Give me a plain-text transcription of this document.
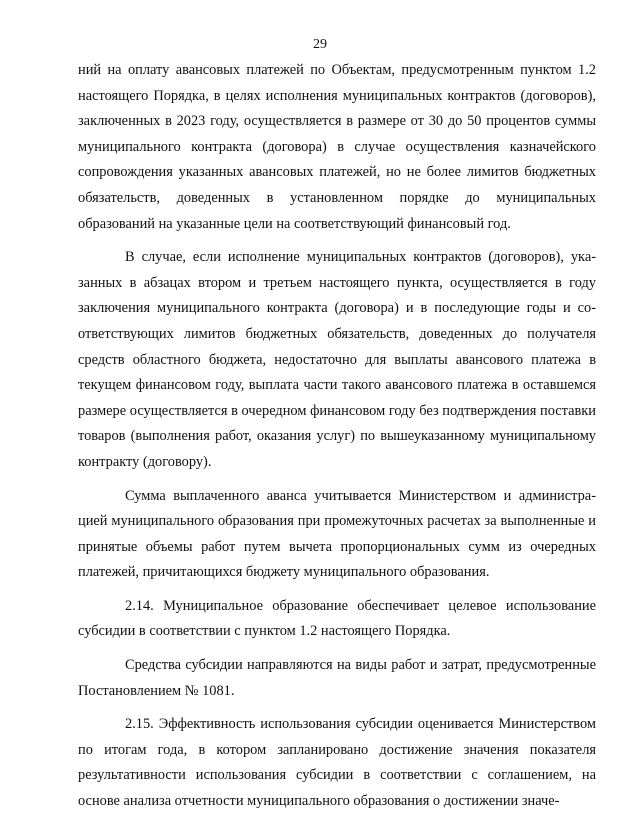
29

ний на оплату авансовых платежей по Объектам, предусмотренным пунктом 1.2 настоящего Порядка, в целях исполнения муниципальных контрактов (договоров), заключенных в 2023 году, осуществляется в размере от 30 до 50 процентов суммы муниципального контракта (договора) в случае осуществления казначейского сопровождения указанных авансовых платежей, но не более лимитов бюджетных обязательств, доведенных в установленном порядке до муниципальных образований на указанные цели на соответствующий финансовый год.

В случае, если исполнение муниципальных контрактов (договоров), указанных в абзацах втором и третьем настоящего пункта, осуществляется в году заключения муниципального контракта (договора) и в последующие годы и соответствующих лимитов бюджетных обязательств, доведенных до получателя средств областного бюджета, недостаточно для выплаты авансового платежа в текущем финансовом году, выплата части такого авансового платежа в оставшемся размере осуществляется в очередном финансовом году без подтверждения поставки товаров (выполнения работ, оказания услуг) по вышеуказанному муниципальному контракту (договору).

Сумма выплаченного аванса учитывается Министерством и администрацией муниципального образования при промежуточных расчетах за выполненные и принятые объемы работ путем вычета пропорциональных сумм из очередных платежей, причитающихся бюджету муниципального образования.

2.14. Муниципальное образование обеспечивает целевое использование субсидии в соответствии с пунктом 1.2 настоящего Порядка.

Средства субсидии направляются на виды работ и затрат, предусмотренные Постановлением № 1081.

2.15. Эффективность использования субсидии оценивается Министерством по итогам года, в котором запланировано достижение значения показателя результативности использования субсидии в соответствии с соглашением, на основе анализа отчетности муниципального образования о достижении значе-
